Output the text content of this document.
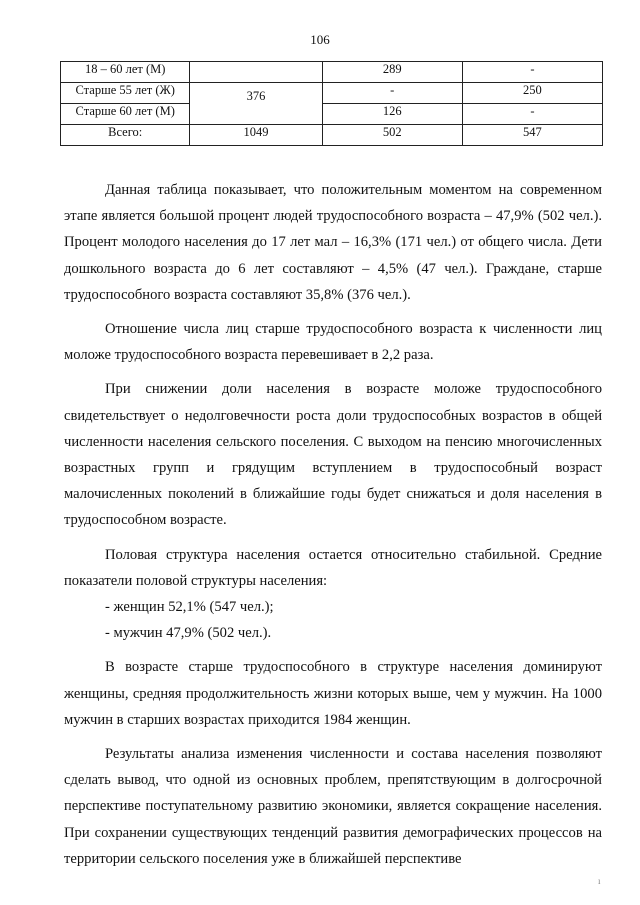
106
18 – 60 лет (М)		289	-
Старше 55 лет (Ж)	376	-	250
Старше 60 лет (М)		126	-
Всего:	1049	502	547

Данная таблица показывает, что положительным моментом на современном этапе является большой процент людей трудоспособного возраста – 47,9% (502 чел.). Процент молодого населения до 17 лет мал – 16,3% (171 чел.) от общего числа. Дети дошкольного возраста до 6 лет составляют – 4,5% (47 чел.). Граждане, старше трудоспособного возраста составляют 35,8% (376 чел.).

Отношение числа лиц старше трудоспособного возраста к численности лиц моложе трудоспособного возраста перевешивает в 2,2 раза.

При снижении доли населения в возрасте моложе трудоспособного свидетельствует о недолговечности роста доли трудоспособных возрастов в общей численности населения сельского поселения. С выходом на пенсию многочисленных возрастных групп и грядущим вступлением в трудоспособный возраст малочисленных поколений в ближайшие годы будет снижаться и доля населения в трудоспособном возрасте.

Половая структура населения остается относительно стабильной. Средние показатели половой структуры населения:

- женщин 52,1% (547 чел.);

- мужчин 47,9% (502 чел.).

В возрасте старше трудоспособного в структуре населения доминируют женщины, средняя продолжительность жизни которых выше, чем у мужчин. На 1000 мужчин в старших возрастах приходится 1984 женщин.

Результаты анализа изменения численности и состава населения позволяют сделать вывод, что одной из основных проблем, препятствующим в долгосрочной перспективе поступательному развитию экономики, является сокращение населения. При сохранении существующих тенденций развития демографических процессов на территории сельского поселения уже в ближайшей перспективе

ı
